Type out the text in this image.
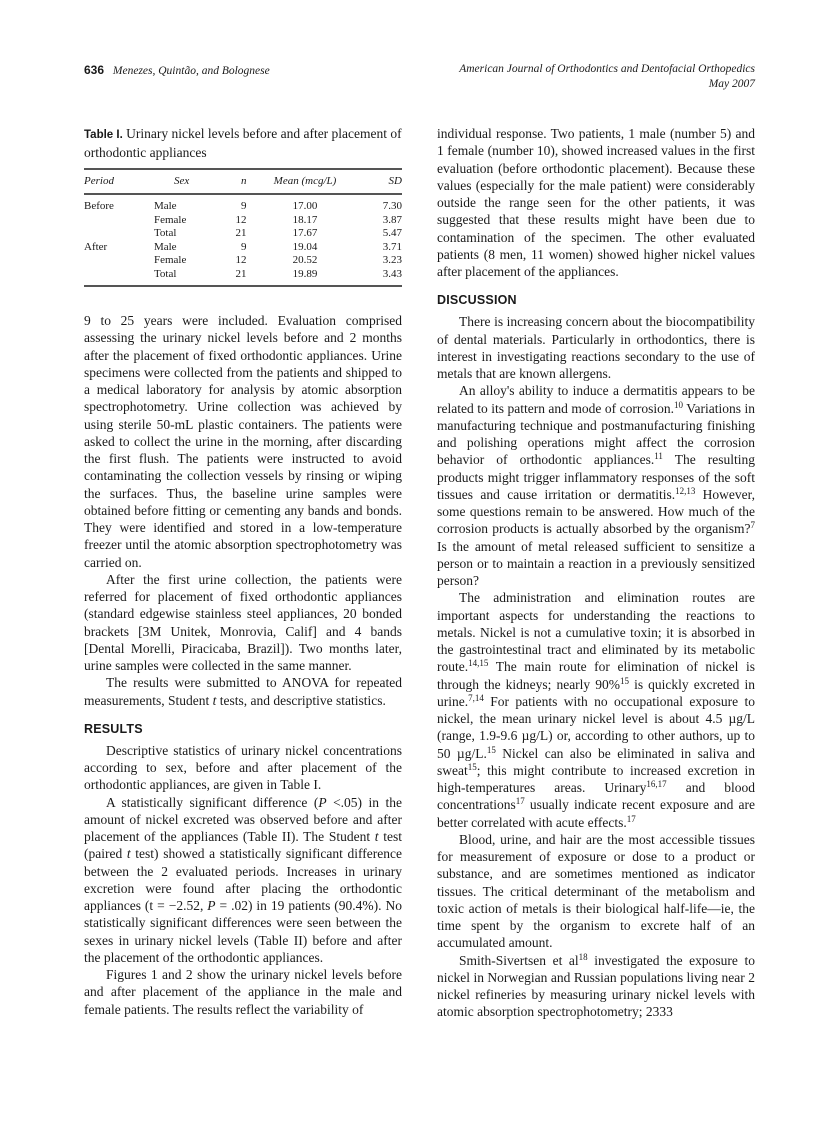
636 Menezes, Quintão, and Bolognese	American Journal of Orthodontics and Dentofacial Orthopedics
May 2007
Table I. Urinary nickel levels before and after placement of orthodontic appliances
Period	Sex	n	Mean (mcg/L)	SD
Before	Male	9	17.00	7.30
	Female	12	18.17	3.87
	Total	21	17.67	5.47
After	Male	9	19.04	3.71
	Female	12	20.52	3.23
	Total	21	19.89	3.43

9 to 25 years were included. Evaluation comprised assessing the urinary nickel levels before and 2 months after the placement of fixed orthodontic appliances. Urine specimens were collected from the patients and shipped to a medical laboratory for analysis by atomic absorption spectrophotometry. Urine collection was achieved by using sterile 50-mL plastic containers. The patients were asked to collect the urine in the morning, after discarding the first flush. The patients were instructed to avoid contaminating the collection vessels by rinsing or wiping the surfaces. Thus, the baseline urine samples were obtained before fitting or cementing any bands and bonds. They were identified and stored in a low-temperature freezer until the atomic absorption spectrophotometry was carried on.

After the first urine collection, the patients were referred for placement of fixed orthodontic appliances (standard edgewise stainless steel appliances, 20 bonded brackets [3M Unitek, Monrovia, Calif] and 4 bands [Dental Morelli, Piracicaba, Brazil]). Two months later, urine samples were collected in the same manner.

The results were submitted to ANOVA for repeated measurements, Student t tests, and descriptive statistics.

RESULTS

Descriptive statistics of urinary nickel concentrations according to sex, before and after placement of the orthodontic appliances, are given in Table I.

A statistically significant difference (P <.05) in the amount of nickel excreted was observed before and after placement of the appliances (Table II). The Student t test (paired t test) showed a statistically significant difference between the 2 evaluated periods. Increases in urinary excretion were found after placing the orthodontic appliances (t = −2.52, P = .02) in 19 patients (90.4%). No statistically significant differences were seen between the sexes in urinary nickel levels (Table II) before and after the placement of the orthodontic appliances.

Figures 1 and 2 show the urinary nickel levels before and after placement of the appliance in the male and female patients. The results reflect the variability of

individual response. Two patients, 1 male (number 5) and 1 female (number 10), showed increased values in the first evaluation (before orthodontic placement). Because these values (especially for the male patient) were considerably outside the range seen for the other patients, it was suggested that these results might have been due to contamination of the specimen. The other evaluated patients (8 men, 11 women) showed higher nickel values after placement of the appliances.

DISCUSSION

There is increasing concern about the biocompatibility of dental materials. Particularly in orthodontics, there is interest in investigating reactions secondary to the use of metals that are known allergens.

An alloy's ability to induce a dermatitis appears to be related to its pattern and mode of corrosion.$^{10}$ Variations in manufacturing technique and postmanufacturing finishing and polishing operations might affect the corrosion behavior of orthodontic appliances.$^{11}$ The resulting products might trigger inflammatory responses of the soft tissues and cause irritation or dermatitis.$^{12,13}$ However, some questions remain to be answered. How much of the corrosion products is actually absorbed by the organism?$^7$ Is the amount of metal released sufficient to sensitize a person or to maintain a reaction in a previously sensitized person?

The administration and elimination routes are important aspects for understanding the reactions to metals. Nickel is not a cumulative toxin; it is absorbed in the gastrointestinal tract and eliminated by its metabolic route.$^{14,15}$ The main route for elimination of nickel is through the kidneys; nearly 90%$^{15}$ is quickly excreted in urine.$^{7,14}$ For patients with no occupational exposure to nickel, the mean urinary nickel level is about 4.5 µg/L (range, 1.9-9.6 µg/L) or, according to other authors, up to 50 µg/L.$^{15}$ Nickel can also be eliminated in saliva and sweat$^{15}$; this might contribute to increased excretion in high-temperatures areas. Urinary$^{16,17}$ and blood concentrations$^{17}$ usually indicate recent exposure and are better correlated with acute effects.$^{17}$

Blood, urine, and hair are the most accessible tissues for measurement of exposure or dose to a product or substance, and are sometimes mentioned as indicator tissues. The critical determinant of the metabolism and toxic action of metals is their biological half-life—ie, the time spent by the organism to excrete half of an accumulated amount.

Smith-Sivertsen et $al^{18}$ investigated the exposure to nickel in Norwegian and Russian populations living near 2 nickel refineries by measuring urinary nickel levels with atomic absorption spectrophotometry; 2333
